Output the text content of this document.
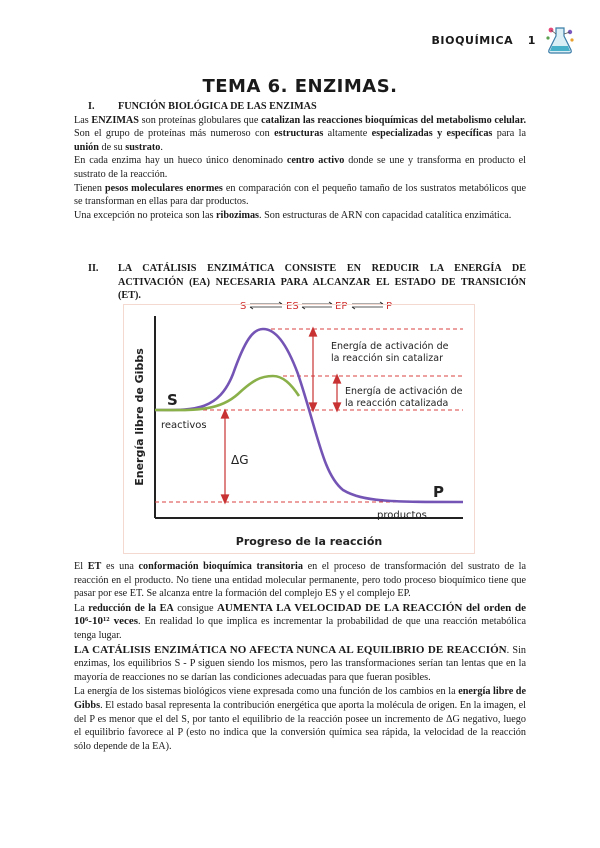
BIOQUÍMICA 1
TEMA 6. ENZIMAS.
I.	FUNCIÓN BIOLÓGICA DE LAS ENZIMAS

Las ENZIMAS son proteínas globulares que catalizan las reacciones bioquímicas del metabolismo celular. Son el grupo de proteínas más numeroso con estructuras altamente especializadas y específicas para la unión de su sustrato.

En cada enzima hay un hueco único denominado centro activo donde se une y transforma en producto el sustrato de la reacción.

Tienen pesos moleculares enormes en comparación con el pequeño tamaño de los sustratos metabólicos que se transforman en ellas para dar productos.

Una excepción no proteica son las ribozimas. Son estructuras de ARN con capacidad catalítica enzimática.

II.	LA CATÁLISIS ENZIMÁTICA CONSISTE EN REDUCIR LA ENERGÍA DE ACTIVACIÓN (EA) NECESARIA PARA ALCANZAR EL ESTADO DE TRANSICIÓN (ET).
S	ES	EP	P
Energía de activación de
la reacción sin catalizar
Energía de activación de
la reacción catalizada
S
reactivos
ΔG
P
productos
Progreso de la reacción
Energía libre de Gibbs

El ET es una conformación bioquímica transitoria en el proceso de transformación del sustrato de la reacción en el producto. No tiene una entidad molecular permanente, pero todo proceso bioquímico tiene que pasar por ese ET. Se alcanza entre la formación del complejo ES y el complejo EP.

La reducción de la EA consigue AUMENTA LA VELOCIDAD DE LA REACCIÓN del orden de 10⁶-10¹² veces. En realidad lo que implica es incrementar la probabilidad de que una reacción metabólica tenga lugar.

LA CATÁLISIS ENZIMÁTICA NO AFECTA NUNCA AL EQUILIBRIO DE REACCIÓN. Sin enzimas, los equilibrios S - P siguen siendo los mismos, pero las transformaciones serían tan lentas que en la mayoría de reacciones no se darían las condiciones adecuadas para que fueran posibles.

La energía de los sistemas biológicos viene expresada como una función de los cambios en la energía libre de Gibbs. El estado basal representa la contribución energética que aporta la molécula de origen. En la imagen, el del P es menor que el del S, por tanto el equilibrio de la reacción posee un incremento de ΔG negativo, luego el equilibrio favorece al P (esto no indica que la conversión química sea rápida, la velocidad de la reacción sólo depende de la EA).
